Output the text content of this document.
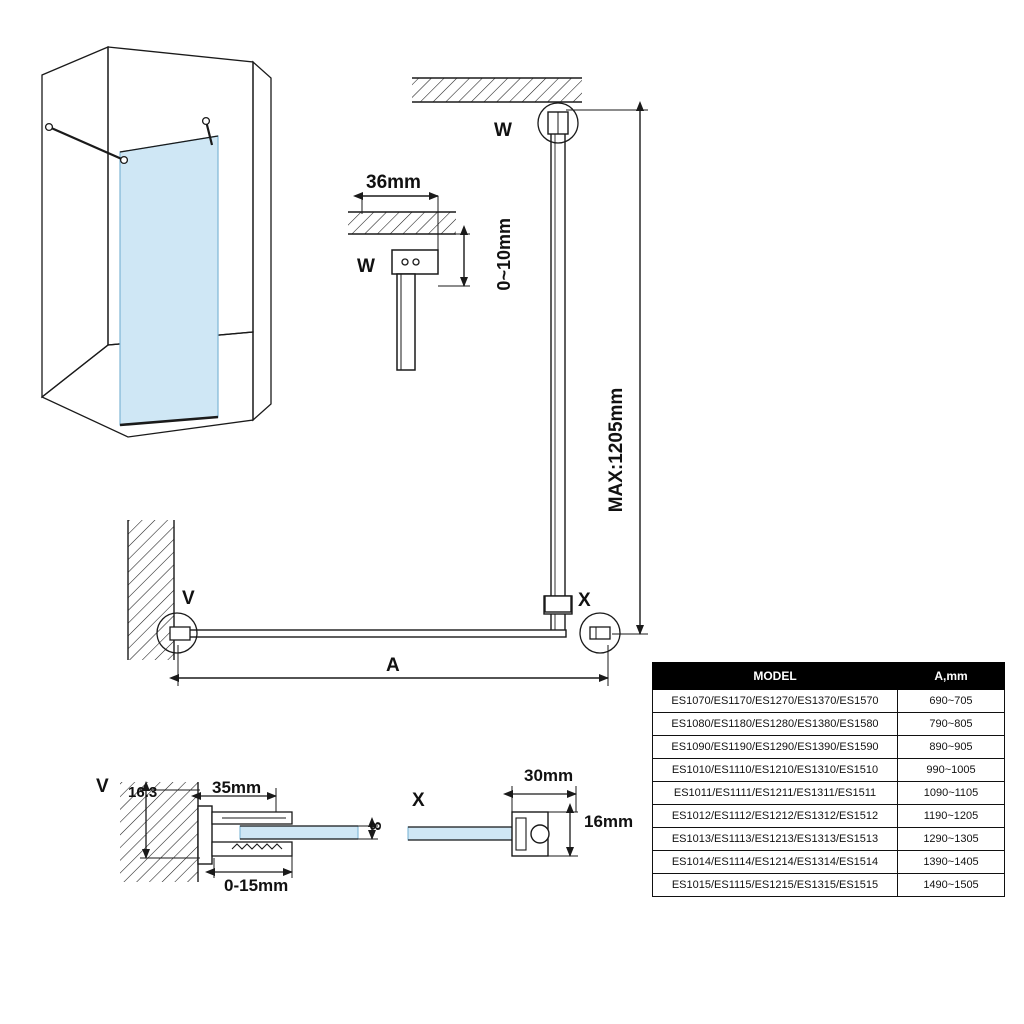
W
W
36mm
0~10mm
MAX:1205mm
V	X
A
V 16.3	35mm
8
0-15mm
X
30mm
16mm
MODEL	A,mm
ES1070/ES1170/ES1270/ES1370/ES1570	690~705
ES1080/ES1180/ES1280/ES1380/ES1580	790~805
ES1090/ES1190/ES1290/ES1390/ES1590	890~905
ES1010/ES1110/ES1210/ES1310/ES1510	990~1005
ES1011/ES1111/ES1211/ES1311/ES1511	1090~1105
ES1012/ES1112/ES1212/ES1312/ES1512	1190~1205
ES1013/ES1113/ES1213/ES1313/ES1513	1290~1305
ES1014/ES1114/ES1214/ES1314/ES1514	1390~1405
ES1015/ES1115/ES1215/ES1315/ES1515	1490~1505
